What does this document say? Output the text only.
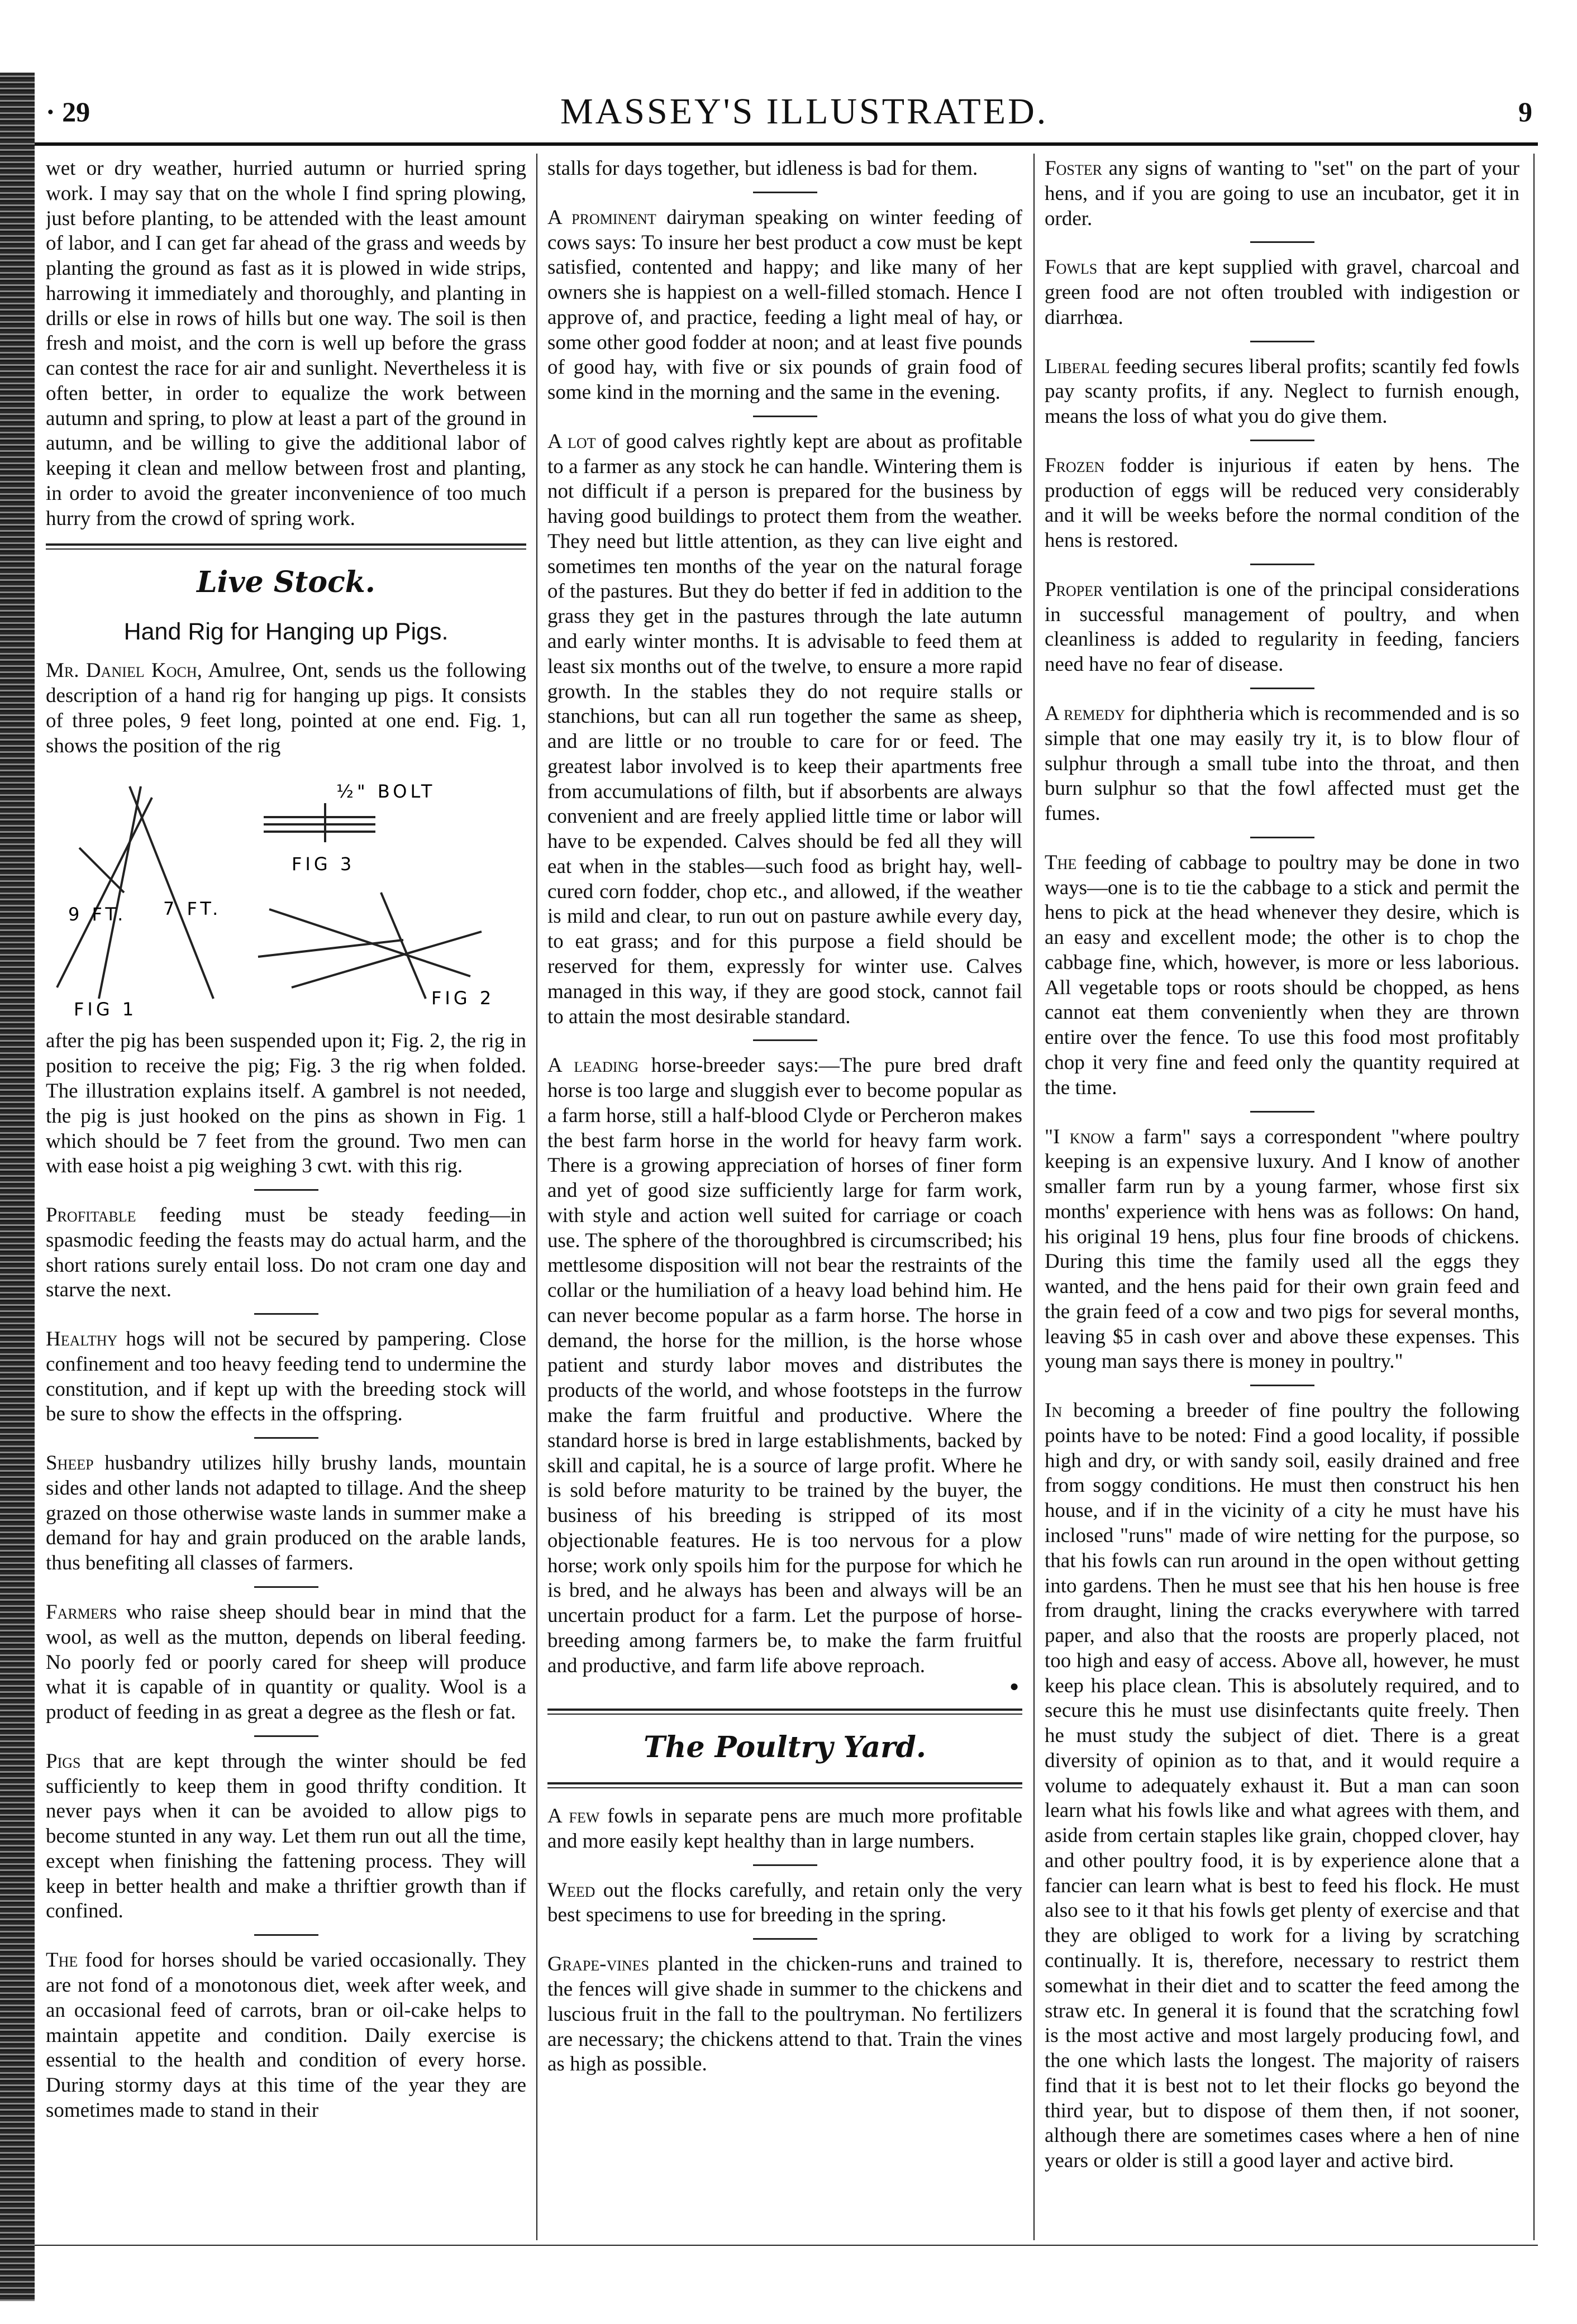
· 29	MASSEY'S ILLUSTRATED.	9

wet or dry weather, hurried autumn or hurried spring work. I may say that on the whole I find spring plowing, just before planting, to be attended with the least amount of labor, and I can get far ahead of the grass and weeds by planting the ground as fast as it is plowed in wide strips, harrowing it immediately and thoroughly, and planting in drills or else in rows of hills but one way. The soil is then fresh and moist, and the corn is well up before the grass can contest the race for air and sunlight. Nevertheless it is often better, in order to equalize the work between autumn and spring, to plow at least a part of the ground in autumn, and be willing to give the additional labor of keeping it clean and mellow between frost and planting, in order to avoid the greater inconvenience of too much hurry from the crowd of spring work.

Live Stock.
Hand Rig for Hanging up Pigs.

Mr. Daniel Koch, Amulree, Ont, sends us the following description of a hand rig for hanging up pigs. It consists of three poles, 9 feet long, pointed at one end. Fig. 1, shows the position of the rig

9 FT. 7 FT.
½" BOLT
FIG 3
FIG 1
FIG 2

after the pig has been suspended upon it; Fig. 2, the rig in position to receive the pig; Fig. 3 the rig when folded. The illustration explains itself. A gambrel is not needed, the pig is just hooked on the pins as shown in Fig. 1 which should be 7 feet from the ground. Two men can with ease hoist a pig weighing 3 cwt. with this rig.

Profitable feeding must be steady feeding—in spasmodic feeding the feasts may do actual harm, and the short rations surely entail loss. Do not cram one day and starve the next.

Healthy hogs will not be secured by pampering. Close confinement and too heavy feeding tend to undermine the constitution, and if kept up with the breeding stock will be sure to show the effects in the offspring.

Sheep husbandry utilizes hilly brushy lands, mountain sides and other lands not adapted to tillage. And the sheep grazed on those otherwise waste lands in summer make a demand for hay and grain produced on the arable lands, thus benefiting all classes of farmers.

Farmers who raise sheep should bear in mind that the wool, as well as the mutton, depends on liberal feeding. No poorly fed or poorly cared for sheep will produce what it is capable of in quantity or quality. Wool is a product of feeding in as great a degree as the flesh or fat.

Pigs that are kept through the winter should be fed sufficiently to keep them in good thrifty condition. It never pays when it can be avoided to allow pigs to become stunted in any way. Let them run out all the time, except when finishing the fattening process. They will keep in better health and make a thriftier growth than if confined.

The food for horses should be varied occasionally. They are not fond of a monotonous diet, week after week, and an occasional feed of carrots, bran or oil-cake helps to maintain appetite and condition. Daily exercise is essential to the health and condition of every horse. During stormy days at this time of the year they are sometimes made to stand in their

stalls for days together, but idleness is bad for them.

A prominent dairyman speaking on winter feeding of cows says: To insure her best product a cow must be kept satisfied, contented and happy; and like many of her owners she is happiest on a well-filled stomach. Hence I approve of, and practice, feeding a light meal of hay, or some other good fodder at noon; and at least five pounds of good hay, with five or six pounds of grain food of some kind in the morning and the same in the evening.

A lot of good calves rightly kept are about as profitable to a farmer as any stock he can handle. Wintering them is not difficult if a person is prepared for the business by having good buildings to protect them from the weather. They need but little attention, as they can live eight and sometimes ten months of the year on the natural forage of the pastures. But they do better if fed in addition to the grass they get in the pastures through the late autumn and early winter months. It is advisable to feed them at least six months out of the twelve, to ensure a more rapid growth. In the stables they do not require stalls or stanchions, but can all run together the same as sheep, and are little or no trouble to care for or feed. The greatest labor involved is to keep their apartments free from accumulations of filth, but if absorbents are always convenient and are freely applied little time or labor will have to be expended. Calves should be fed all they will eat when in the stables—such food as bright hay, well-cured corn fodder, chop etc., and allowed, if the weather is mild and clear, to run out on pasture awhile every day, to eat grass; and for this purpose a field should be reserved for them, expressly for winter use. Calves managed in this way, if they are good stock, cannot fail to attain the most desirable standard.

A leading horse-breeder says:—The pure bred draft horse is too large and sluggish ever to become popular as a farm horse, still a half-blood Clyde or Percheron makes the best farm horse in the world for heavy farm work. There is a growing appreciation of horses of finer form and yet of good size sufficiently large for farm work, with style and action well suited for carriage or coach use. The sphere of the thoroughbred is circumscribed; his mettlesome disposition will not bear the restraints of the collar or the humiliation of a heavy load behind him. He can never become popular as a farm horse. The horse in demand, the horse for the million, is the horse whose patient and sturdy labor moves and distributes the products of the world, and whose footsteps in the furrow make the farm fruitful and productive. Where the standard horse is bred in large establishments, backed by skill and capital, he is a source of large profit. Where he is sold before maturity to be trained by the buyer, the business of his breeding is stripped of its most objectionable features. He is too nervous for a plow horse; work only spoils him for the purpose for which he is bred, and he always has been and always will be an uncertain product for a farm. Let the purpose of horse-breeding among farmers be, to make the farm fruitful and productive, and farm life above reproach.

●
The Poultry Yard.

A few fowls in separate pens are much more profitable and more easily kept healthy than in large numbers.

Weed out the flocks carefully, and retain only the very best specimens to use for breeding in the spring.

Grape-vines planted in the chicken-runs and trained to the fences will give shade in summer to the chickens and luscious fruit in the fall to the poultryman. No fertilizers are necessary; the chickens attend to that. Train the vines as high as possible.

Foster any signs of wanting to "set" on the part of your hens, and if you are going to use an incubator, get it in order.

Fowls that are kept supplied with gravel, charcoal and green food are not often troubled with indigestion or diarrhœa.

Liberal feeding secures liberal profits; scantily fed fowls pay scanty profits, if any. Neglect to furnish enough, means the loss of what you do give them.

Frozen fodder is injurious if eaten by hens. The production of eggs will be reduced very considerably and it will be weeks before the normal condition of the hens is restored.

Proper ventilation is one of the principal considerations in successful management of poultry, and when cleanliness is added to regularity in feeding, fanciers need have no fear of disease.

A remedy for diphtheria which is recommended and is so simple that one may easily try it, is to blow flour of sulphur through a small tube into the throat, and then burn sulphur so that the fowl affected must get the fumes.

The feeding of cabbage to poultry may be done in two ways—one is to tie the cabbage to a stick and permit the hens to pick at the head whenever they desire, which is an easy and excellent mode; the other is to chop the cabbage fine, which, however, is more or less laborious. All vegetable tops or roots should be chopped, as hens cannot eat them conveniently when they are thrown entire over the fence. To use this food most profitably chop it very fine and feed only the quantity required at the time.

"I know a farm" says a correspondent "where poultry keeping is an expensive luxury. And I know of another smaller farm run by a young farmer, whose first six months' experience with hens was as follows: On hand, his original 19 hens, plus four fine broods of chickens. During this time the family used all the eggs they wanted, and the hens paid for their own grain feed and the grain feed of a cow and two pigs for several months, leaving $5 in cash over and above these expenses. This young man says there is money in poultry."

In becoming a breeder of fine poultry the following points have to be noted: Find a good locality, if possible high and dry, or with sandy soil, easily drained and free from soggy conditions. He must then construct his hen house, and if in the vicinity of a city he must have his inclosed "runs" made of wire netting for the purpose, so that his fowls can run around in the open without getting into gardens. Then he must see that his hen house is free from draught, lining the cracks everywhere with tarred paper, and also that the roosts are properly placed, not too high and easy of access. Above all, however, he must keep his place clean. This is absolutely required, and to secure this he must use disinfectants quite freely. Then he must study the subject of diet. There is a great diversity of opinion as to that, and it would require a volume to adequately exhaust it. But a man can soon learn what his fowls like and what agrees with them, and aside from certain staples like grain, chopped clover, hay and other poultry food, it is by experience alone that a fancier can learn what is best to feed his flock. He must also see to it that his fowls get plenty of exercise and that they are obliged to work for a living by scratching continually. It is, therefore, necessary to restrict them somewhat in their diet and to scatter the feed among the straw etc. In general it is found that the scratching fowl is the most active and most largely producing fowl, and the one which lasts the longest. The majority of raisers find that it is best not to let their flocks go beyond the third year, but to dispose of them then, if not sooner, although there are sometimes cases where a hen of nine years or older is still a good layer and active bird.
